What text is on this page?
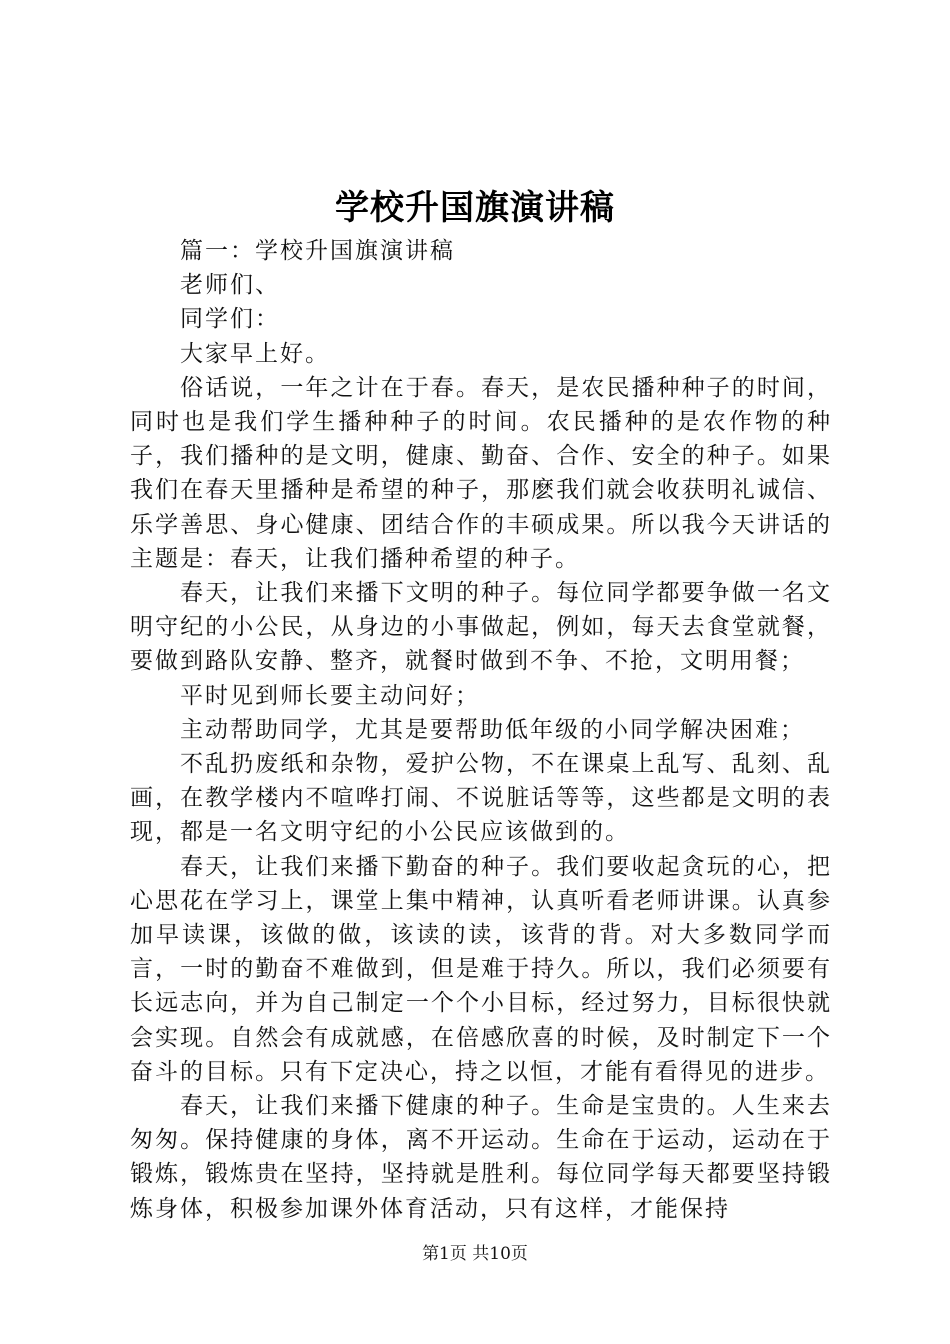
学校升国旗演讲稿

篇一：学校升国旗演讲稿

老师们、

同学们：

大家早上好。

俗话说，一年之计在于春。春天，是农民播种种子的时间，同时也是我们学生播种种子的时间。农民播种的是农作物的种子，我们播种的是文明，健康、勤奋、合作、安全的种子。如果我们在春天里播种是希望的种子，那麽我们就会收获明礼诚信、乐学善思、身心健康、团结合作的丰硕成果。所以我今天讲话的主题是：春天，让我们播种希望的种子。

春天，让我们来播下文明的种子。每位同学都要争做一名文明守纪的小公民，从身边的小事做起，例如，每天去食堂就餐，要做到路队安静、整齐，就餐时做到不争、不抢，文明用餐；

平时见到师长要主动问好；

主动帮助同学，尤其是要帮助低年级的小同学解决困难；

不乱扔废纸和杂物，爱护公物，不在课桌上乱写、乱刻、乱画，在教学楼内不喧哗打闹、不说脏话等等，这些都是文明的表现，都是一名文明守纪的小公民应该做到的。

春天，让我们来播下勤奋的种子。我们要收起贪玩的心，把心思花在学习上，课堂上集中精神，认真听看老师讲课。认真参加早读课，该做的做，该读的读，该背的背。对大多数同学而言，一时的勤奋不难做到，但是难于持久。所以，我们必须要有长远志向，并为自己制定一个个小目标，经过努力，目标很快就会实现。自然会有成就感，在倍感欣喜的时候，及时制定下一个奋斗的目标。只有下定决心，持之以恒，才能有看得见的进步。

春天，让我们来播下健康的种子。生命是宝贵的。人生来去匆匆。保持健康的身体，离不开运动。生命在于运动，运动在于锻炼，锻炼贵在坚持，坚持就是胜利。每位同学每天都要坚持锻炼身体，积极参加课外体育活动，只有这样，才能保持

第1页 共10页
